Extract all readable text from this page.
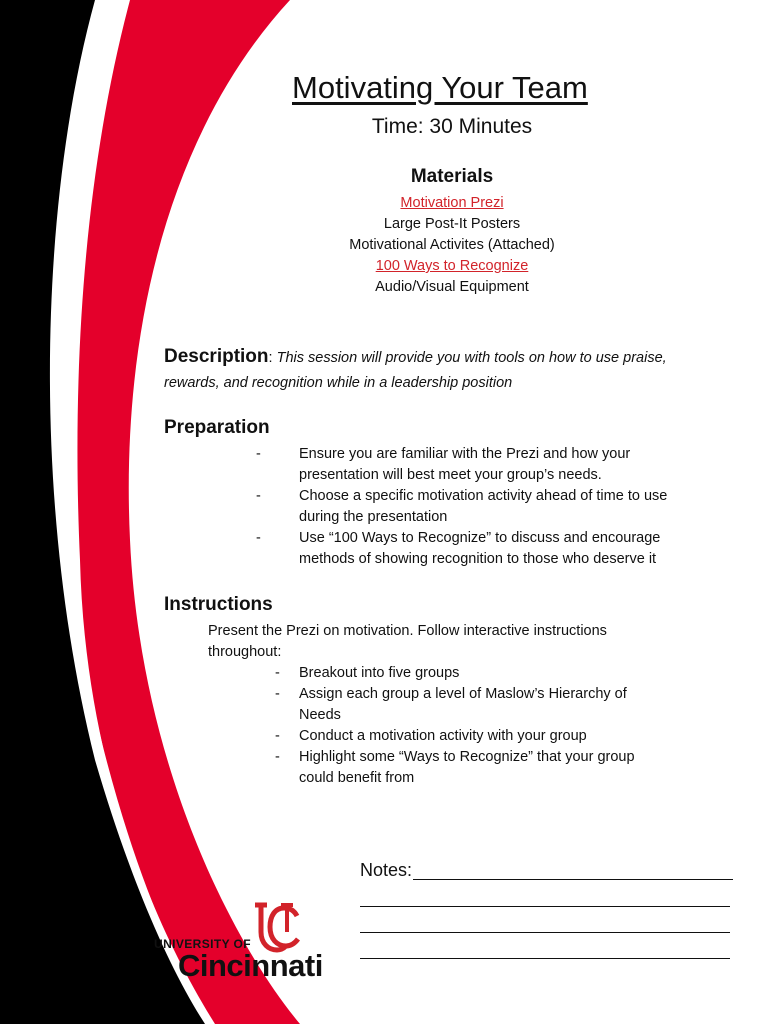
Motivating Your Team
Time: 30 Minutes
Materials
Motivation Prezi
Large Post-It Posters
Motivational Activites (Attached)
100 Ways to Recognize
Audio/Visual Equipment
Description: This session will provide you with tools on how to use praise, rewards, and recognition while in a leadership position
Preparation
-	Ensure you are familiar with the Prezi and how your presentation will best meet your group’s needs.
-	Choose a specific motivation activity ahead of time to use during the presentation
-	Use “100 Ways to Recognize” to discuss and encourage methods of showing recognition to those who deserve it
Instructions
Present the Prezi on motivation. Follow interactive instructions throughout:
- Breakout into five groups
- Assign each group a level of Maslow’s Hierarchy of Needs
- Conduct a motivation activity with your group
- Highlight some “Ways to Recognize” that your group could benefit from
Notes:
UNIVERSITY OF
Cincinnati
